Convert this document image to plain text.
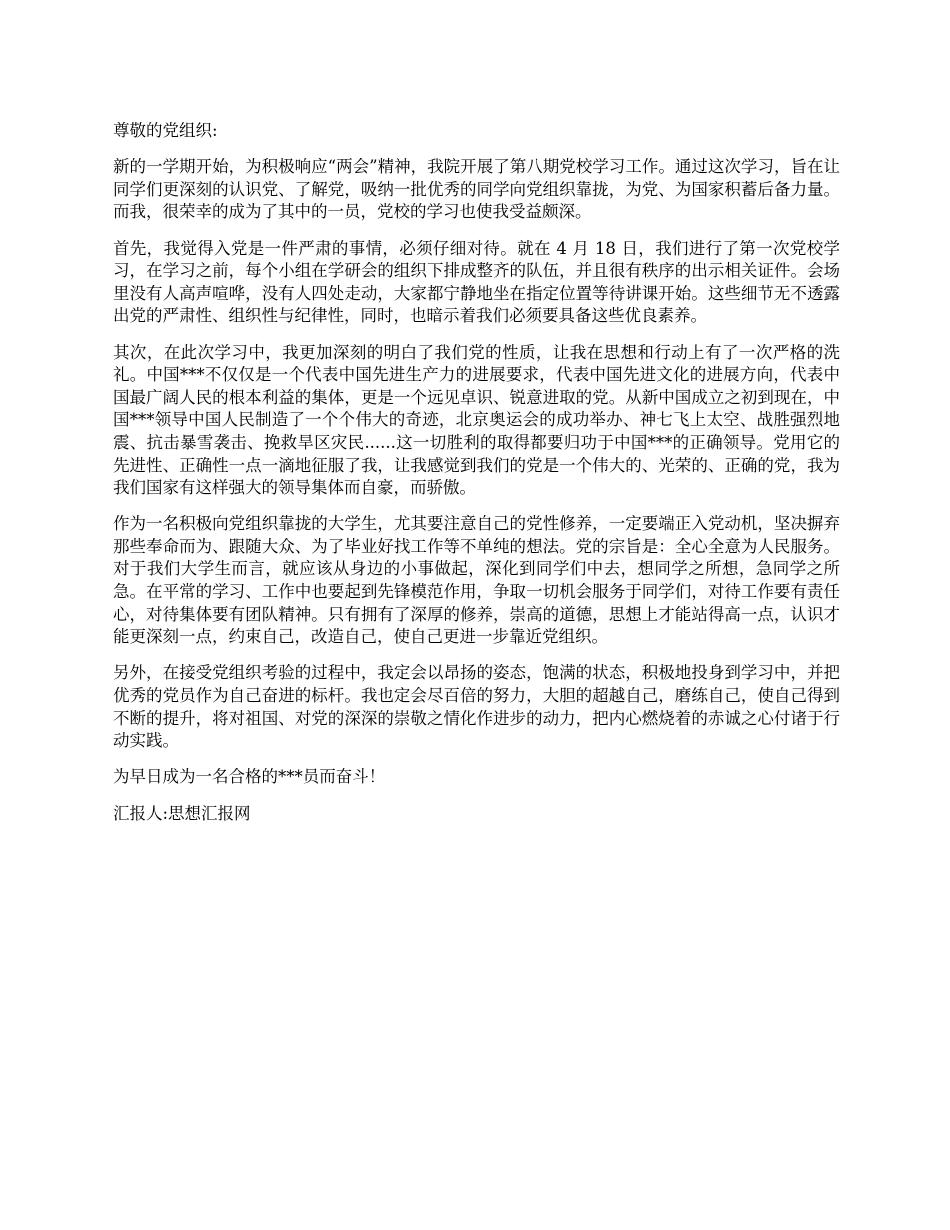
尊敬的党组织:

新的一学期开始，为积极响应“两会”精神，我院开展了第八期党校学习工作。通过这次学习，旨在让同学们更深刻的认识党、了解党，吸纳一批优秀的同学向党组织靠拢，为党、为国家积蓄后备力量。而我，很荣幸的成为了其中的一员，党校的学习也使我受益颇深。

首先，我觉得入党是一件严肃的事情，必须仔细对待。就在 4 月 18 日，我们进行了第一次党校学习，在学习之前，每个小组在学研会的组织下排成整齐的队伍，并且很有秩序的出示相关证件。会场里没有人高声喧哗，没有人四处走动，大家都宁静地坐在指定位置等待讲课开始。这些细节无不透露出党的严肃性、组织性与纪律性，同时，也暗示着我们必须要具备这些优良素养。

其次，在此次学习中，我更加深刻的明白了我们党的性质，让我在思想和行动上有了一次严格的洗礼。中国***不仅仅是一个代表中国先进生产力的进展要求，代表中国先进文化的进展方向，代表中国最广阔人民的根本利益的集体，更是一个远见卓识、锐意进取的党。从新中国成立之初到现在，中国***领导中国人民制造了一个个伟大的奇迹，北京奥运会的成功举办、神七飞上太空、战胜强烈地震、抗击暴雪袭击、挽救旱区灾民......这一切胜利的取得都要归功于中国***的正确领导。党用它的先进性、正确性一点一滴地征服了我，让我感觉到我们的党是一个伟大的、光荣的、正确的党，我为我们国家有这样强大的领导集体而自豪，而骄傲。

作为一名积极向党组织靠拢的大学生，尤其要注意自己的党性修养，一定要端正入党动机，坚决摒弃那些奉命而为、跟随大众、为了毕业好找工作等不单纯的想法。党的宗旨是：全心全意为人民服务。对于我们大学生而言，就应该从身边的小事做起，深化到同学们中去，想同学之所想，急同学之所急。在平常的学习、工作中也要起到先锋模范作用，争取一切机会服务于同学们，对待工作要有责任心，对待集体要有团队精神。只有拥有了深厚的修养，崇高的道德，思想上才能站得高一点，认识才能更深刻一点，约束自己，改造自己，使自己更进一步靠近党组织。

另外，在接受党组织考验的过程中，我定会以昂扬的姿态，饱满的状态，积极地投身到学习中，并把优秀的党员作为自己奋进的标杆。我也定会尽百倍的努力，大胆的超越自己，磨练自己，使自己得到不断的提升，将对祖国、对党的深深的崇敬之情化作进步的动力，把内心燃烧着的赤诚之心付诸于行动实践。

为早日成为一名合格的***员而奋斗！

汇报人:思想汇报网
